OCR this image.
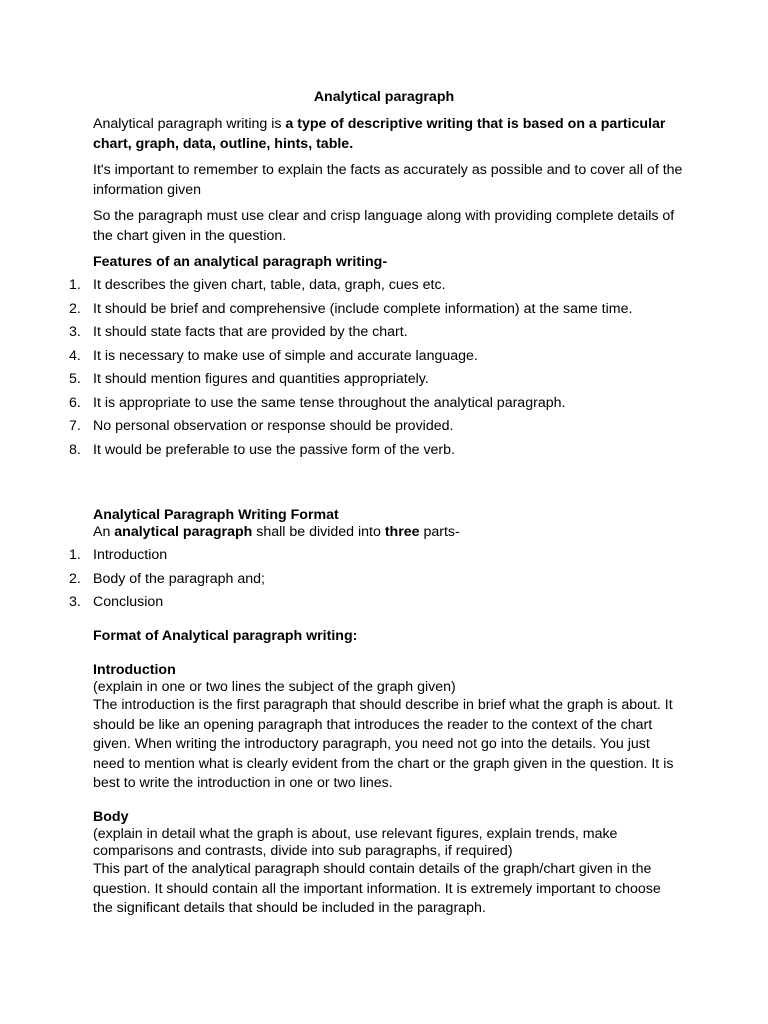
Analytical paragraph

Analytical paragraph writing is a type of descriptive writing that is based on a particular chart, graph, data, outline, hints, table.

It's important to remember to explain the facts as accurately as possible and to cover all of the information given

So the paragraph must use clear and crisp language along with providing complete details of the chart given in the question.

Features of an analytical paragraph writing-
1. It describes the given chart, table, data, graph, cues etc.
2. It should be brief and comprehensive (include complete information) at the same time.
3. It should state facts that are provided by the chart.
4. It is necessary to make use of simple and accurate language.
5. It should mention figures and quantities appropriately.
6. It is appropriate to use the same tense throughout the analytical paragraph.
7. No personal observation or response should be provided.
8. It would be preferable to use the passive form of the verb.
Analytical Paragraph Writing Format
An analytical paragraph shall be divided into three parts-
1. Introduction
2. Body of the paragraph and;
3. Conclusion
Format of Analytical paragraph writing:
Introduction
(explain in one or two lines the subject of the graph given)
The introduction is the first paragraph that should describe in brief what the graph is about. It should be like an opening paragraph that introduces the reader to the context of the chart given. When writing the introductory paragraph, you need not go into the details. You just need to mention what is clearly evident from the chart or the graph given in the question. It is best to write the introduction in one or two lines.
Body
(explain in detail what the graph is about, use relevant figures, explain trends, make comparisons and contrasts, divide into sub paragraphs, if required)
This part of the analytical paragraph should contain details of the graph/chart given in the question. It should contain all the important information. It is extremely important to choose the significant details that should be included in the paragraph.
